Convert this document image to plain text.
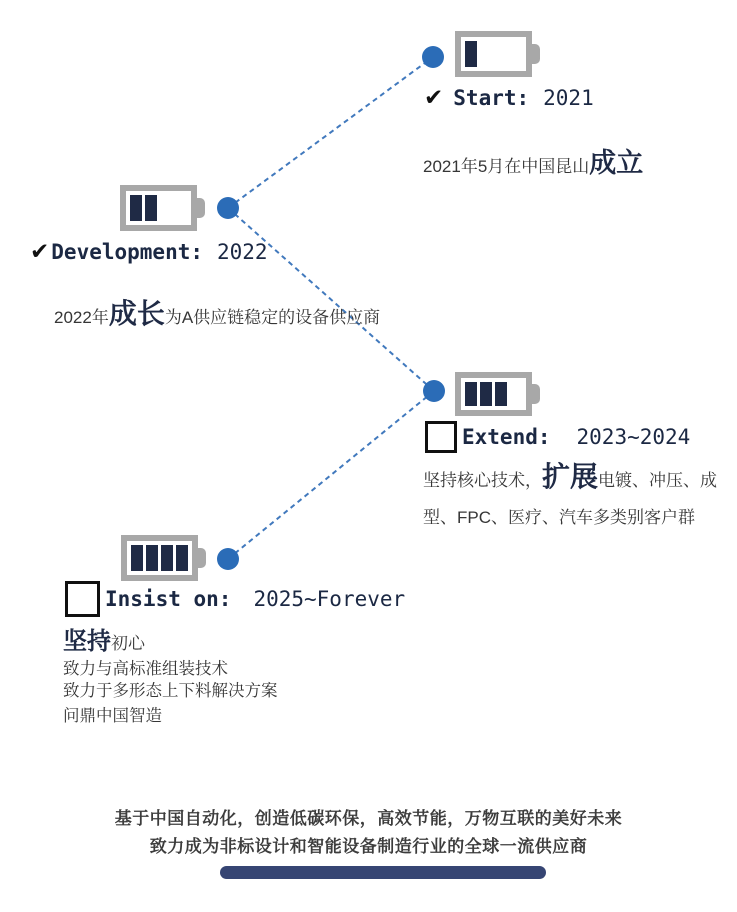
✔ Start: 2021
2021年5月在中国昆山成立
✔ Development: 2022
2022年成长为A供应链稳定的设备供应商
Extend: 2023~2024
坚持核心技术，扩展电镀、冲压、成型、FPC、医疗、汽车多类别客户群
Insist on: 2025~Forever
坚持初心
致力与高标准组装技术
致力于多形态上下料解决方案
问鼎中国智造
基于中国自动化，创造低碳环保，高效节能，万物互联的美好未来
致力成为非标设计和智能设备制造行业的全球一流供应商
